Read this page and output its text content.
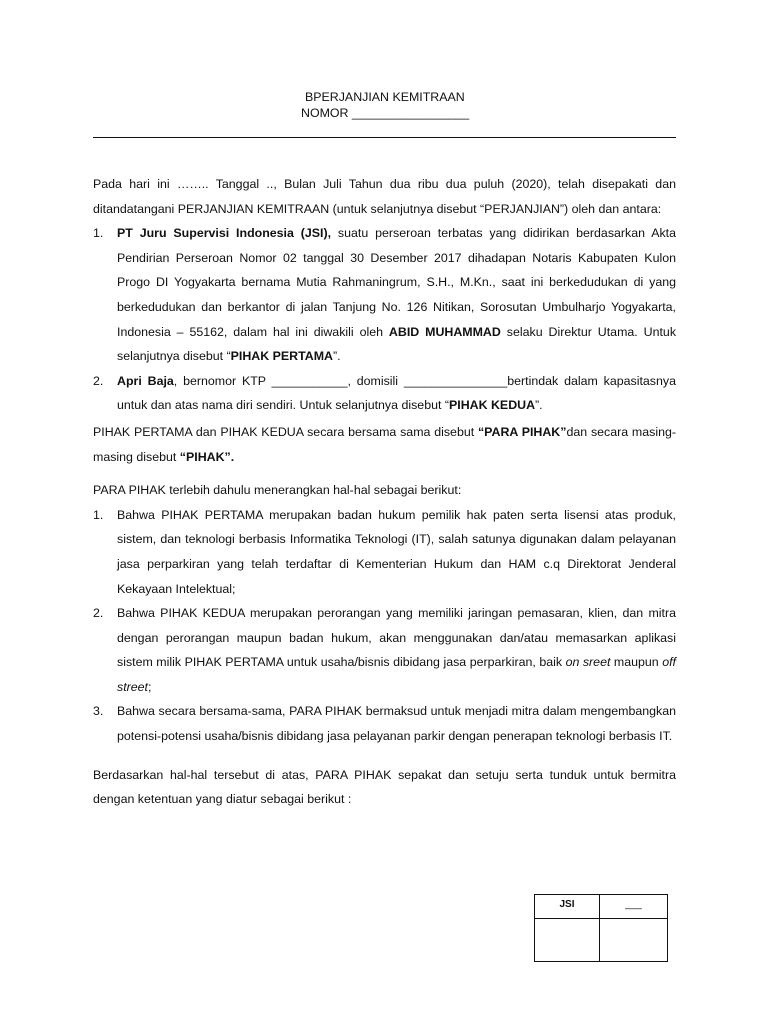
BPERJANJIAN KEMITRAAN
NOMOR _________________

Pada hari ini …….. Tanggal .., Bulan Juli Tahun dua ribu dua puluh (2020), telah disepakati dan ditandatangani PERJANJIAN KEMITRAAN (untuk selanjutnya disebut “PERJANJIAN”) oleh dan antara:

1.	PT Juru Supervisi Indonesia (JSI), suatu perseroan terbatas yang didirikan berdasarkan Akta Pendirian Perseroan Nomor 02 tanggal 30 Desember 2017 dihadapan Notaris Kabupaten Kulon Progo DI Yogyakarta bernama Mutia Rahmaningrum, S.H., M.Kn., saat ini berkedudukan di yang berkedudukan dan berkantor di jalan Tanjung No. 126 Nitikan, Sorosutan Umbulharjo Yogyakarta, Indonesia – 55162, dalam hal ini diwakili oleh ABID MUHAMMAD selaku Direktur Utama. Untuk selanjutnya disebut “PIHAK PERTAMA”.
2.	Apri Baja, bernomor KTP ___________, domisili _______________bertindak dalam kapasitasnya untuk dan atas nama diri sendiri. Untuk selanjutnya disebut “PIHAK KEDUA”.

PIHAK PERTAMA dan PIHAK KEDUA secara bersama sama disebut “PARA PIHAK”dan secara masing-masing disebut “PIHAK”.

PARA PIHAK terlebih dahulu menerangkan hal-hal sebagai berikut:

1.	Bahwa PIHAK PERTAMA merupakan badan hukum pemilik hak paten serta lisensi atas produk, sistem, dan teknologi berbasis Informatika Teknologi (IT), salah satunya digunakan dalam pelayanan jasa perparkiran yang telah terdaftar di Kementerian Hukum dan HAM c.q Direktorat Jenderal Kekayaan Intelektual;
2.	Bahwa PIHAK KEDUA merupakan perorangan yang memiliki jaringan pemasaran, klien, dan mitra dengan perorangan maupun badan hukum, akan menggunakan dan/atau memasarkan aplikasi sistem milik PIHAK PERTAMA untuk usaha/bisnis dibidang jasa perparkiran, baik on sreet maupun off street;
3.	Bahwa secara bersama-sama, PARA PIHAK bermaksud untuk menjadi mitra dalam mengembangkan potensi-potensi usaha/bisnis dibidang jasa pelayanan parkir dengan penerapan teknologi berbasis IT.

Berdasarkan hal-hal tersebut di atas, PARA PIHAK sepakat dan setuju serta tunduk untuk bermitra dengan ketentuan yang diatur sebagai berikut :

JSI	___
